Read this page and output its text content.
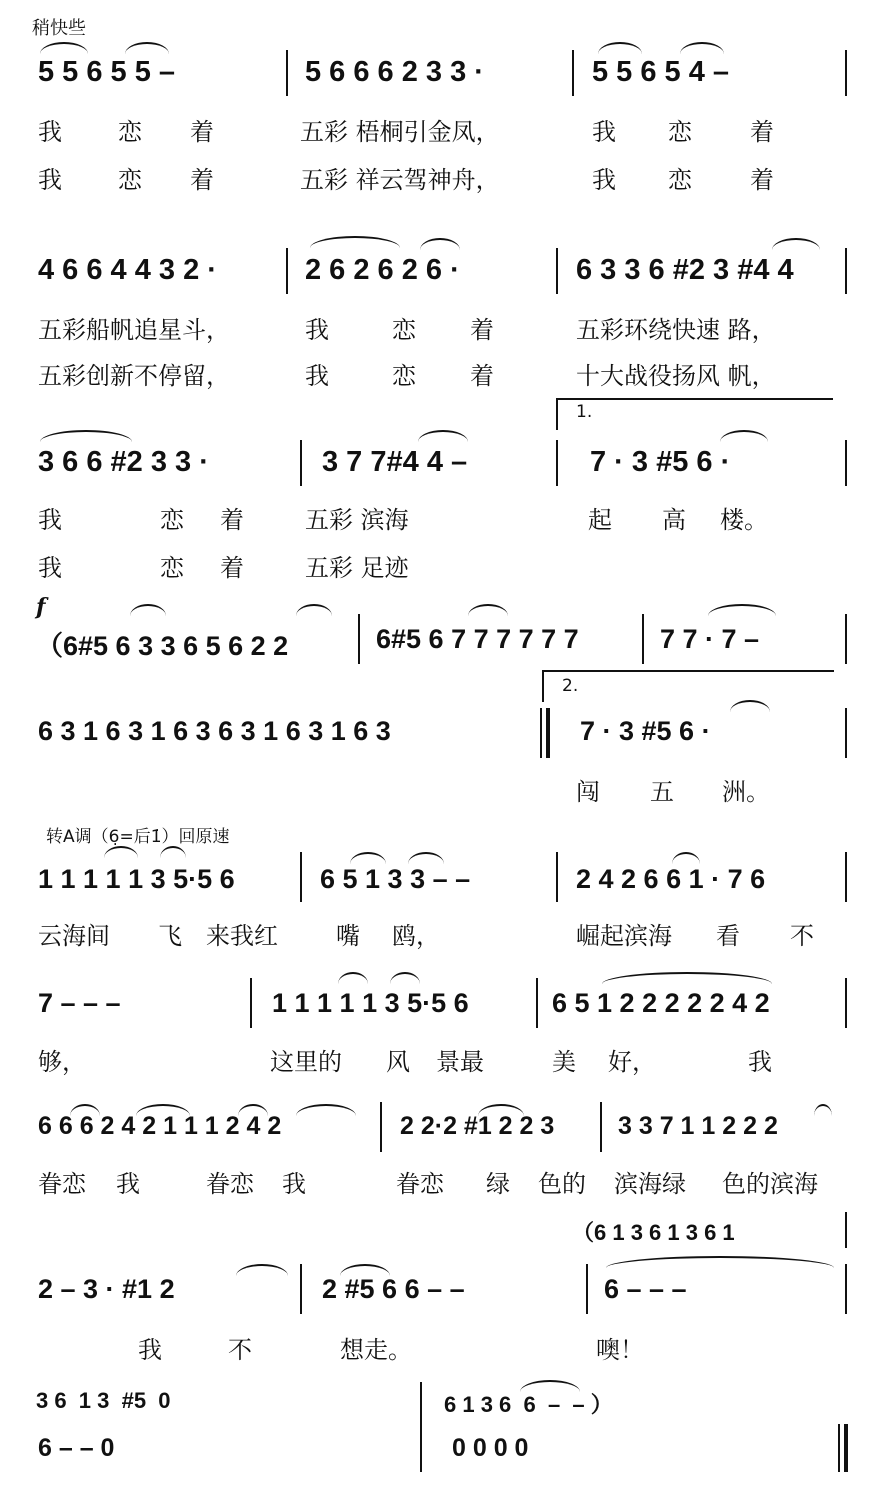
稍快些
5 5 6 5 5 –	5 6 6 6 2 3 3 ·	5 5 6 5 4 –
我 恋 着	五彩 梧桐引金凤，	我 恋 着
我 恋 着	五彩 祥云驾神舟，	我 恋 着
4 6 6 4 4 3 2 ·	2 6 2 6 2 6 ·	6 3 3 6 #2 3 #4 4
五彩船帆追星斗，	我	恋 着	五彩环绕快速 路，
五彩创新不停留，	我	恋 着	十大战役扬风 帆，
1.
3 6 6 #2 3 3 ·	3 7 7#4 4 –	7 · 3 #5 6 ·
我	恋 着	五彩 滨海	起 高 楼。
我	恋 着	五彩 足迹
f
（6#5 6 3 3 6 5 6 2 2	6#5 6 7 7 7 7 7 7	7 7 · 7 –
2.
6 3 1 6 3 1 6 3 6 3 1 6 3 1 6 3	7 · 3 #5 6 ·
闯 五 洲。
转A调（6̣=后1̇）回原速
1 1 1 1 1 3 5·5 6	6 5 1 3 3 – –	2 4 2 6 6 1 · 7 6
云海间 飞 来我红 嘴 鸥，	崛起滨海 看 不
7 – – –	1 1 1 1 1 3 5·5 6	6 5 1 2 2 2 2 2 4 2
够，	这里的 风 景最	美 好，	我
6 6 6 2 4 2 1 1 1 2 4 2	2 2·2 #1 2 2 3	3 3 7 1 1 2 2 2
眷恋 我	眷恋 我	眷恋 绿 色的 滨海绿 色的滨海
（6 1 3 6 1 3 6 1
2 – 3 · #1 2	2 #5 6 6 – –	6 – – –
我	不	想走。	噢！
3 6  1 3  #5  0	6 1 3 6  6  –  – ）
6 – – 0	0 0 0 0
